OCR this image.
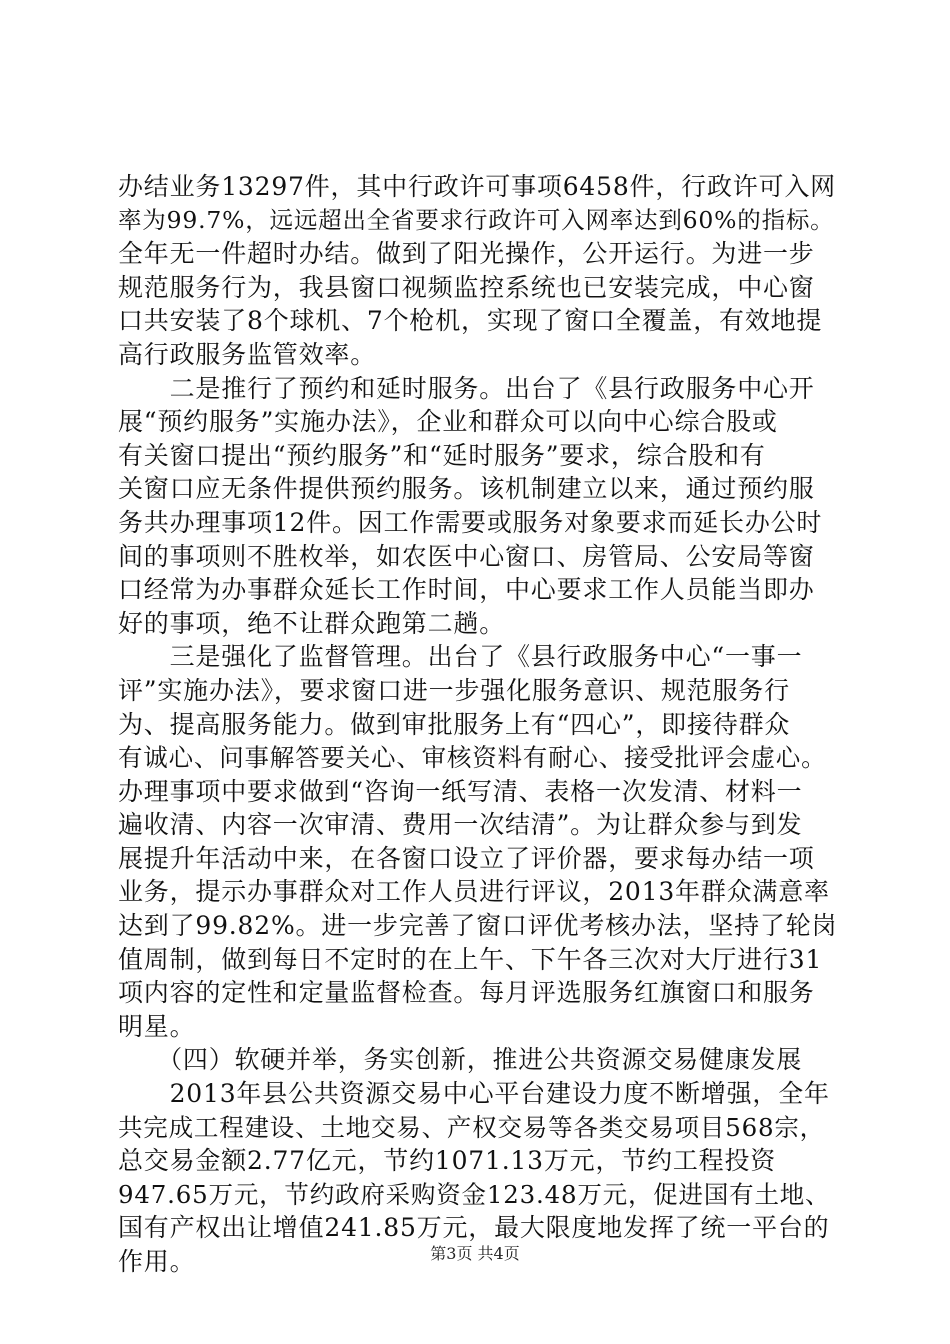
办结业务13297件，其中行政许可事项6458件，行政许可入网
率为99.7%，远远超出全省要求行政许可入网率达到60%的指标。
全年无一件超时办结。做到了阳光操作，公开运行。为进一步
规范服务行为，我县窗口视频监控系统也已安装完成，中心窗
口共安装了8个球机、7个枪机，实现了窗口全覆盖，有效地提
高行政服务监管效率。
　　二是推行了预约和延时服务。出台了《县行政服务中心开
展“预约服务”实施办法》，企业和群众可以向中心综合股或
有关窗口提出“预约服务”和“延时服务”要求，综合股和有
关窗口应无条件提供预约服务。该机制建立以来，通过预约服
务共办理事项12件。因工作需要或服务对象要求而延长办公时
间的事项则不胜枚举，如农医中心窗口、房管局、公安局等窗
口经常为办事群众延长工作时间，中心要求工作人员能当即办
好的事项，绝不让群众跑第二趟。
　　三是强化了监督管理。出台了《县行政服务中心“一事一
评”实施办法》，要求窗口进一步强化服务意识、规范服务行
为、提高服务能力。做到审批服务上有“四心”，即接待群众
有诚心、问事解答要关心、审核资料有耐心、接受批评会虚心。
办理事项中要求做到“咨询一纸写清、表格一次发清、材料一
遍收清、内容一次审清、费用一次结清”。为让群众参与到发
展提升年活动中来，在各窗口设立了评价器，要求每办结一项
业务，提示办事群众对工作人员进行评议，2013年群众满意率
达到了99.82%。进一步完善了窗口评优考核办法，坚持了轮岗
值周制，做到每日不定时的在上午、下午各三次对大厅进行31
项内容的定性和定量监督检查。每月评选服务红旗窗口和服务
明星。
　　（四）软硬并举，务实创新，推进公共资源交易健康发展
　　2013年县公共资源交易中心平台建设力度不断增强，全年
共完成工程建设、土地交易、产权交易等各类交易项目568宗，
总交易金额2.77亿元，节约1071.13万元，节约工程投资
947.65万元，节约政府采购资金123.48万元，促进国有土地、
国有产权出让增值241.85万元，最大限度地发挥了统一平台的
作用。	第3页 共4页
